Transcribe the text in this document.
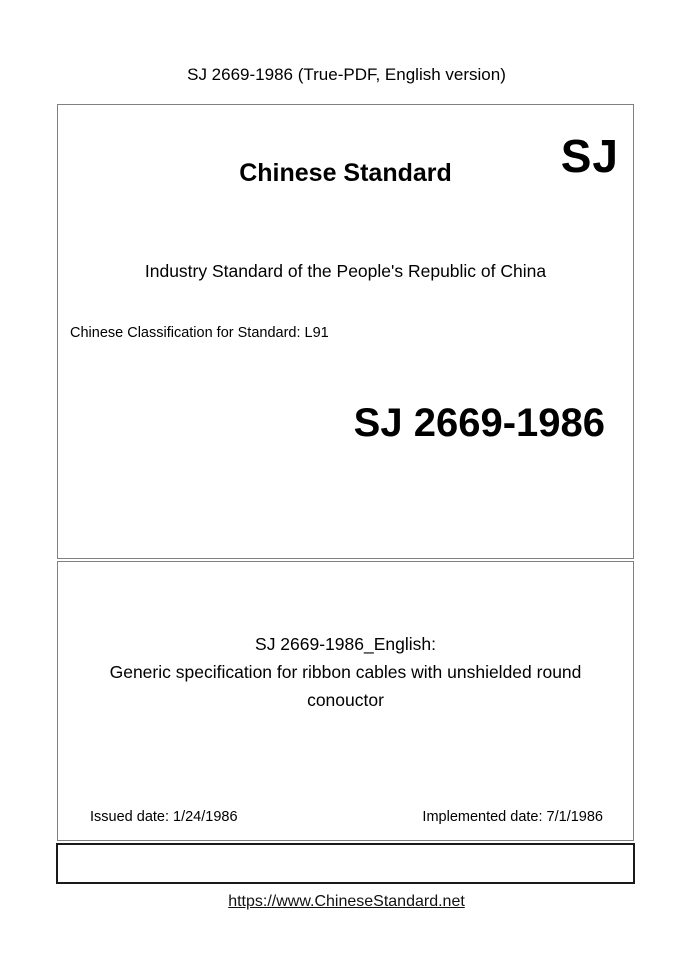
SJ 2669-1986 (True-PDF, English version)
Chinese Standard	SJ
Industry Standard of the People's Republic of China
Chinese Classification for Standard: L91
SJ 2669-1986
SJ 2669-1986_English:
Generic specification for ribbon cables with unshielded round
conouctor
Issued date: 1/24/1986	Implemented date: 7/1/1986
https://www.ChineseStandard.net
